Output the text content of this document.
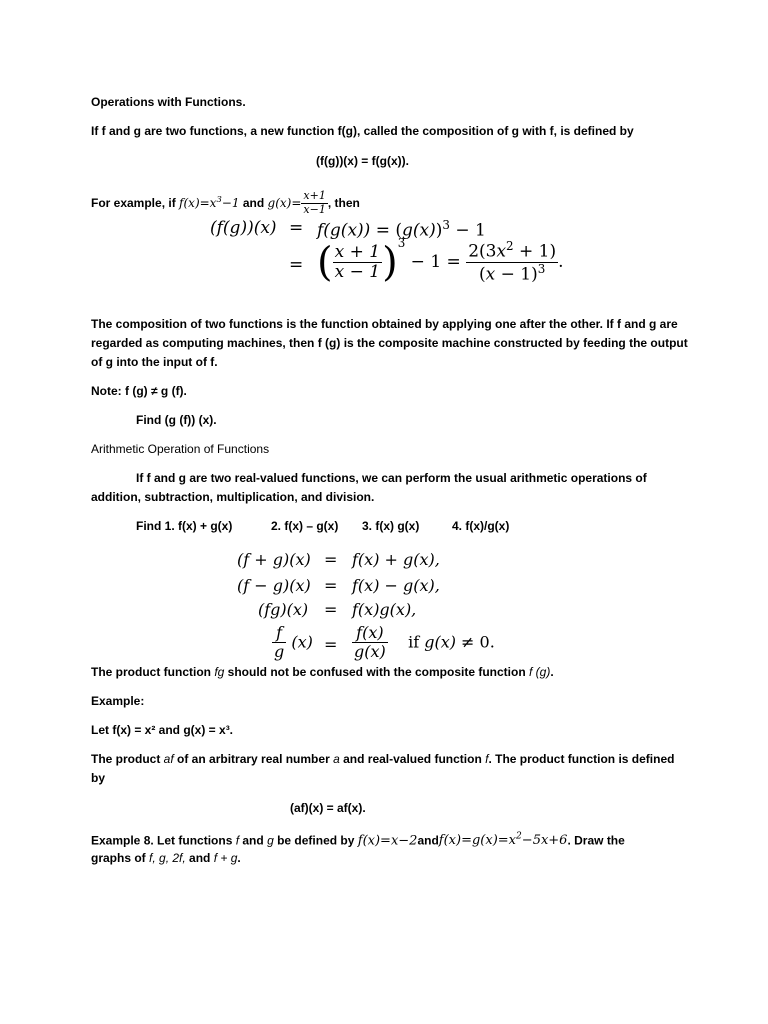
Operations with Functions.
If f and g are two functions, a new function f(g), called the composition of g with f, is defined by
(f(g))(x) = f(g(x)).
For example, if $f(x)=x^3-1$ and $g(x)= \frac{x+1}{x-1}$ , then
$(f(g))(x) = f(g(x)) = (g(x))^3 - 1$
= ( $\frac{x + 1}{x - 1} )^3 - 1 = \frac{2(3x^2 + 1)}{(x - 1)^3}$ .
The composition of two functions is the function obtained by applying one after the other. If f and g are regarded as computing machines, then f (g) is the composite machine constructed by feeding the output of g into the input of f.
Note: f (g) ≠ g (f).
Find (g (f)) (x).
Arithmetic Operation of Functions
If f and g are two real-valued functions, we can perform the usual arithmetic operations of addition, subtraction, multiplication, and division.
Find 1. f(x) + g(x)	2. f(x) – g(x) 3. f(x) g(x)	4. f(x)/g(x)
(f + g)(x) = f(x) + g(x),
(f − g)(x) = f(x) − g(x),
(fg)(x) = f(x)g(x),
$\frac{f}{g} (x) = \frac{f(x)}{g(x)}$ if g(x) ≠ 0.
The product function fg should not be confused with the composite function f (g).
Example:
Let f(x) = x² and g(x) = x³.
The product af of an arbitrary real number a and real-valued function f. The product function is defined by
(af)(x) = af(x).
Example 8. Let functions f and g be defined by $f(x)=x-2andf(x)=g(x)=x^2-5x+6$. Draw the
graphs of f, g, 2f, and f + g.
